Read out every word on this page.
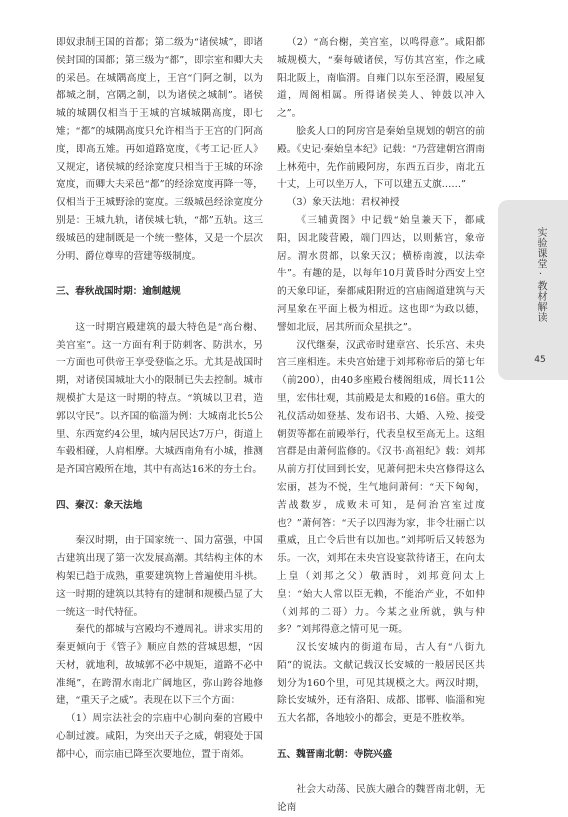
即奴隶制王国的首都；第二级为“诸侯城”，即诸侯封国的国都；第三级为“都”，即宗室和卿大夫的采邑。在城隅高度上，王宫“门阿之制，以为都城之制，宫隅之制，以为诸侯之城制”。诸侯城的城隅仅相当于王城的宫城城隅高度，即七雉；“都”的城隅高度只允许相当于王宫的门阿高度，即高五雉。再如道路宽度，《考工记·匠人》又规定，诸侯城的经涂宽度只相当于王城的环涂宽度，而卿大夫采邑“都”的经涂宽度再降一等，仅相当于王城野涂的宽度。三级城邑经涂宽度分别是：王城九轨，诸侯城七轨，“都”五轨。这三级城邑的建制既是一个统一整体，又是一个层次分明、爵位尊卑的营建等级制度。

三、春秋战国时期：逾制越规

这一时期宫殿建筑的最大特色是“高台榭、美宫室”。这一方面有利于防刺客、防洪水，另一方面也可供帝王享受登临之乐。尤其是战国时期，对诸侯国城址大小的限制已失去控制。城市规模扩大是这一时期的特点。“筑城以卫君，造郭以守民”。以齐国的临淄为例：大城南北长5公里、东西宽约4公里，城内居民达7万户，街道上车毂相碰，人肩相摩。大城西南角有小城，推测是齐国宫殿所在地，其中有高达16米的夯土台。

四、秦汉：象天法地

秦汉时期，由于国家统一、国力富强，中国古建筑出现了第一次发展高潮。其结构主体的木构架已趋于成熟，重要建筑物上普遍使用斗栱。这一时期的建筑以其特有的建制和规模凸显了大一统这一时代特征。

秦代的都城与宫殿均不遵周礼。讲求实用的秦更倾向于《管子》顺应自然的营城思想，“因天材，就地利，故城郭不必中规矩，道路不必中准绳”，在跨渭水南北广阔地区，弥山跨谷地修建，“重天子之威”。表现在以下三个方面：

（1）周宗法社会的宗庙中心制向秦的宫殿中心制过渡。咸阳，为突出天子之威，朝寝处于国都中心，而宗庙已降至次要地位，置于南郊。

（2）“高台榭，美宫室，以鸣得意”。咸阳都城规模大，“秦每破诸侯，写仿其宫室，作之咸阳北阪上，南临渭。自雍门以东至泾渭，殿屋复道，周阁相属。所得诸侯美人、钟鼓以冲入之”。

脍炙人口的阿房宫是秦始皇规划的朝宫的前殿。《史记·秦始皇本纪》记载：“乃营建朝宫渭南上林苑中，先作前殿阿房，东西五百步，南北五十丈，上可以坐万人，下可以建五丈旗……”

（3）象天法地：君权神授

《三辅黄图》中记载“始皇兼天下，都咸阳，因北陵营殿，端门四达，以则紫宫，象帝居。渭水贯都，以象天汉；横桥南渡，以法牵牛”。有趣的是，以每年10月黄昏时分西安上空的天象印证，秦都咸阳附近的宫庙阁道建筑与天河星象在平面上极为相近。这也即“为政以德，譬如北辰，居其所而众星拱之”。

汉代继秦，汉武帝时建章宫、长乐宫、未央宫三座相连。未央宫始建于刘邦称帝后的第七年（前200），由40多座殿台楼阁组成，周长11公里，宏伟壮观，其前殿是太和殿的16倍。重大的礼仪活动如登基、发布诏书、大婚、入殓、接受朝贺等都在前殿举行，代表皇权至高无上。这组宫群是由萧何监修的。《汉书·高祖纪》载：刘邦从前方打仗回到长安，见萧何把未央宫修得这么宏丽，甚为不悦，生气地问萧何：“天下匈匈，苦战数岁，成败未可知，是何治宫室过度也？”萧何答：“天子以四海为家，非令壮丽亡以重威，且亡令后世有以加也。”刘邦听后又转怒为乐。一次，刘邦在未央宫设宴款待诸王，在向太上皇（刘邦之父）敬酒时，刘邦竟问太上皇：“始大人常以臣无赖，不能治产业，不如仲（刘邦的二哥）力。今某之业所就，孰与仲多？”刘邦得意之情可见一斑。

汉长安城内的街道布局，古人有“八街九陌”的说法。文献记载汉长安城的一般居民区共划分为160个里，可见其规模之大。两汉时期，除长安城外，还有洛阳、成都、邯郸、临淄和宛五大名都，各地较小的都会，更是不胜枚举。

五、魏晋南北朝：寺院兴盛

社会大动荡、民族大融合的魏晋南北朝，无论南

实验课堂·教材解读
45
